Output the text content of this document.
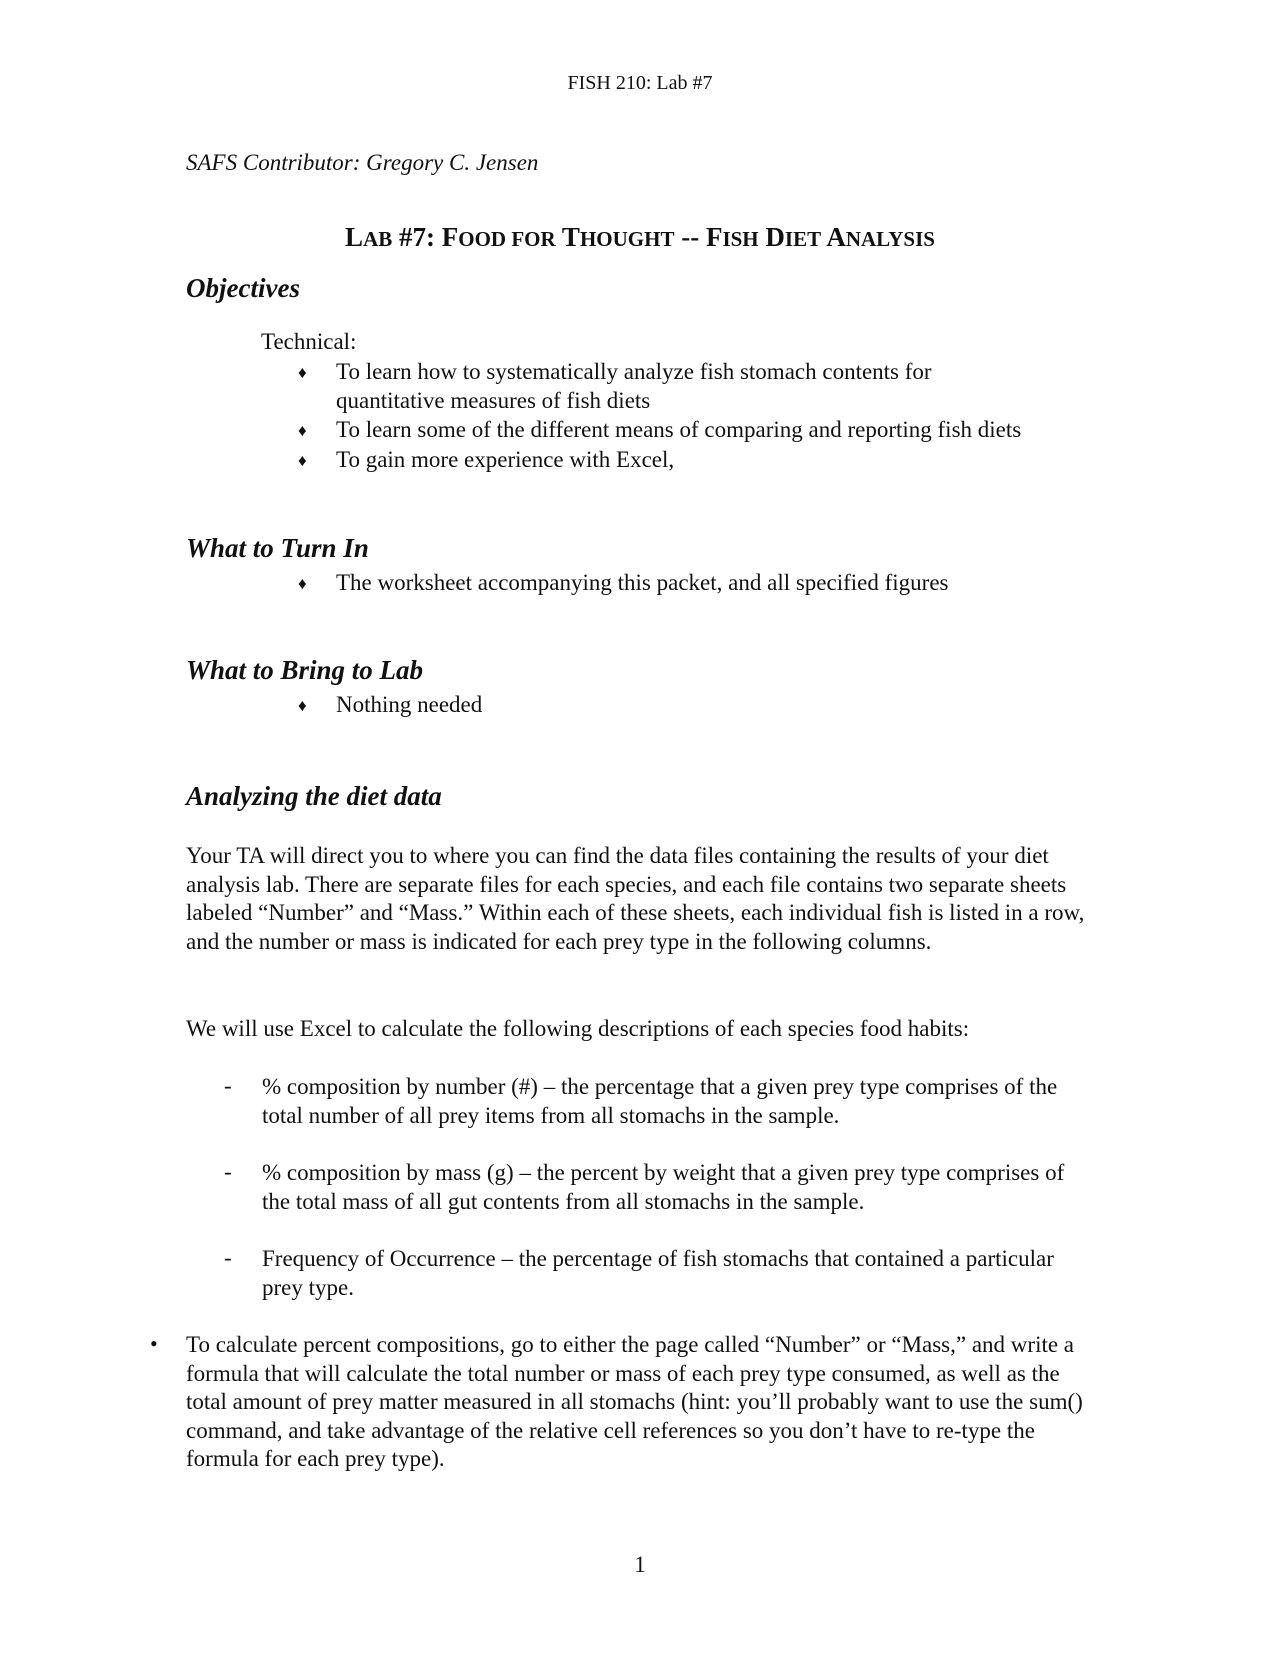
FISH 210: Lab #7
SAFS Contributor: Gregory C. Jensen
LAB #7: FOOD FOR THOUGHT -- FISH DIET ANALYSIS
Objectives
Technical:
♦ To learn how to systematically analyze fish stomach contents for
quantitative measures of fish diets
♦ To learn some of the different means of comparing and reporting fish diets
♦ To gain more experience with Excel,
What to Turn In
♦ The worksheet accompanying this packet, and all specified figures
What to Bring to Lab
♦ Nothing needed
Analyzing the diet data
Your TA will direct you to where you can find the data files containing the results of your diet analysis lab. There are separate files for each species, and each file contains two separate sheets labeled “Number” and “Mass.” Within each of these sheets, each individual fish is listed in a row, and the number or mass is indicated for each prey type in the following columns.
We will use Excel to calculate the following descriptions of each species food habits:
- % composition by number (#) – the percentage that a given prey type comprises of the total number of all prey items from all stomachs in the sample.
- % composition by mass (g) – the percent by weight that a given prey type comprises of the total mass of all gut contents from all stomachs in the sample.
- Frequency of Occurrence – the percentage of fish stomachs that contained a particular prey type.
• To calculate percent compositions, go to either the page called “Number” or “Mass,” and write a formula that will calculate the total number or mass of each prey type consumed, as well as the total amount of prey matter measured in all stomachs (hint: you’ll probably want to use the sum() command, and take advantage of the relative cell references so you don’t have to re-type the formula for each prey type).
1
